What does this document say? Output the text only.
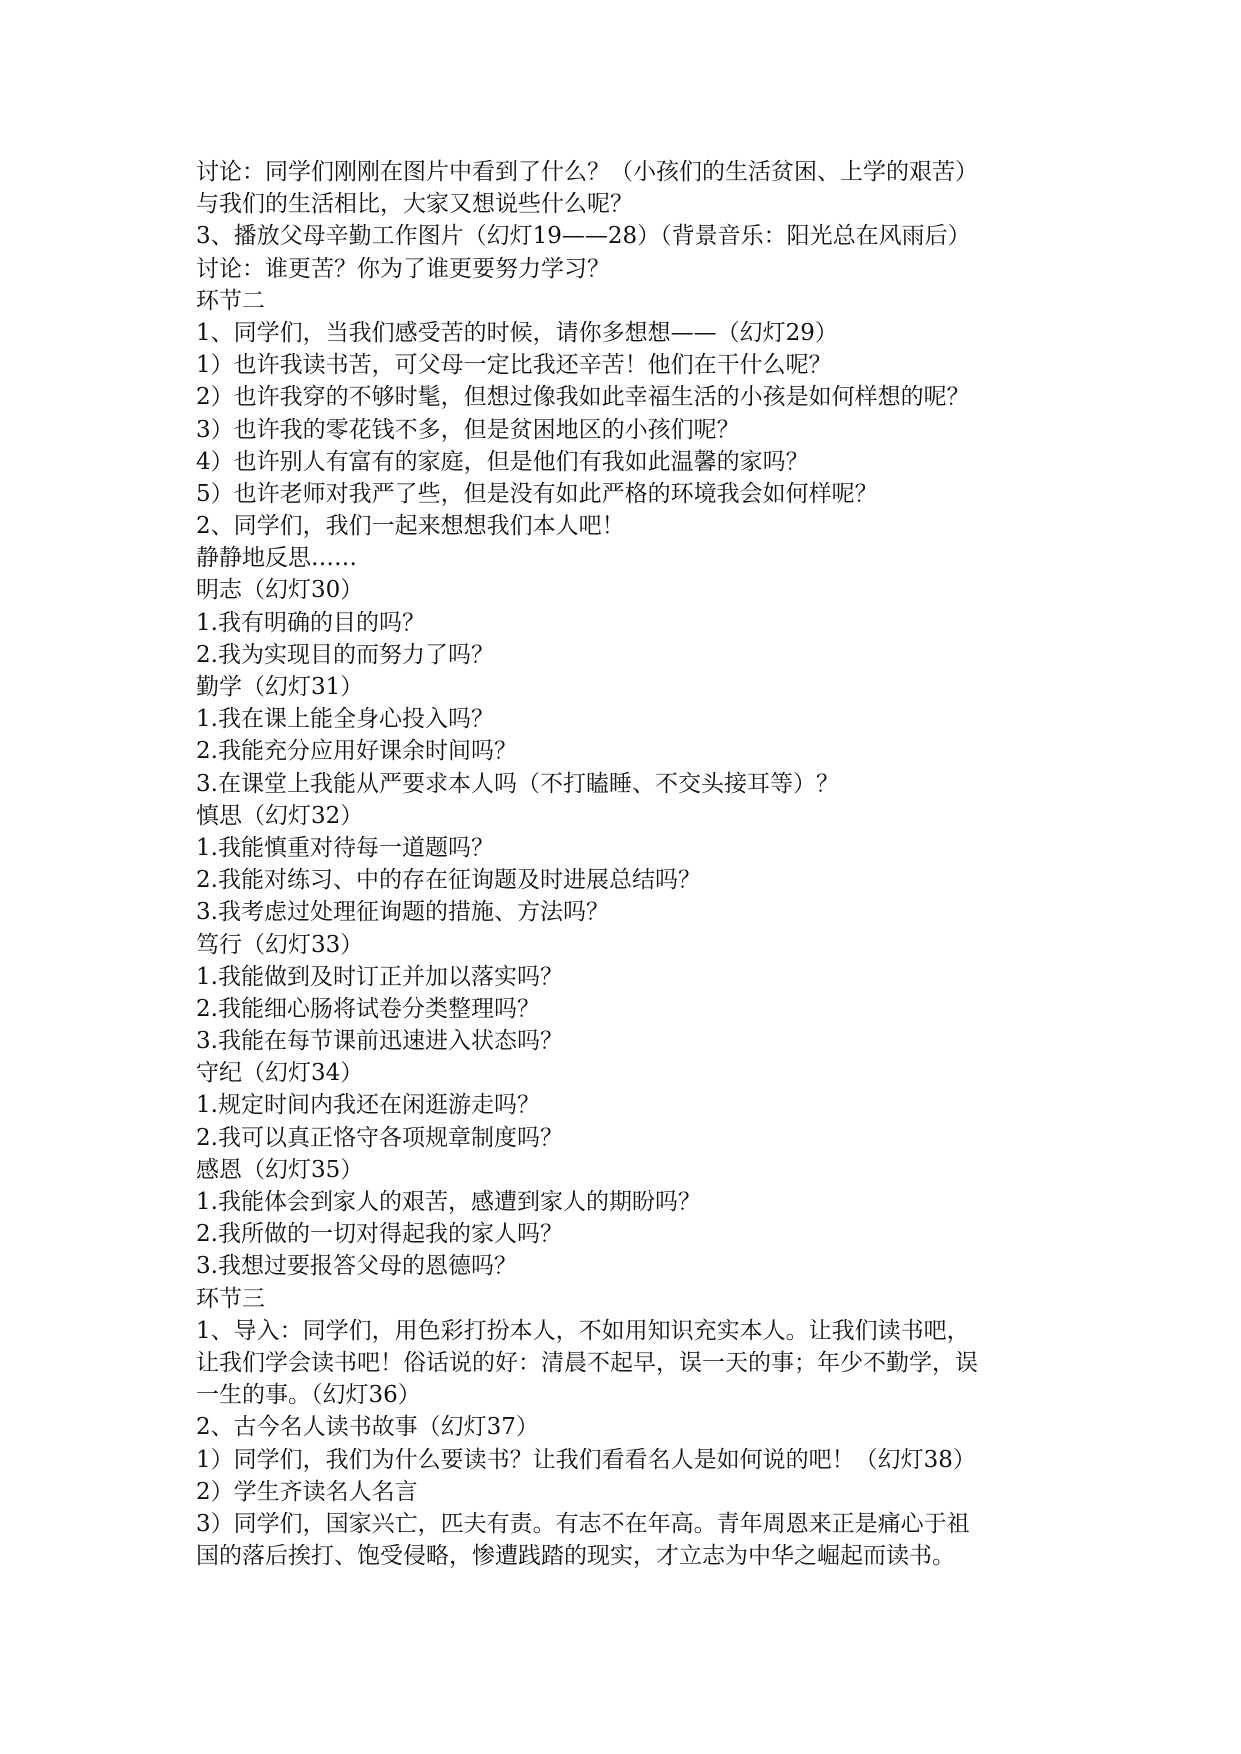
讨论：同学们刚刚在图片中看到了什么？（小孩们的生活贫困、上学的艰苦）
与我们的生活相比，大家又想说些什么呢？
3、播放父母辛勤工作图片（幻灯19——28）（背景音乐：阳光总在风雨后）
讨论：谁更苦？你为了谁更要努力学习？
环节二
1、同学们，当我们感受苦的时候，请你多想想——（幻灯29）
1）也许我读书苦，可父母一定比我还辛苦！他们在干什么呢？
2）也许我穿的不够时髦，但想过像我如此幸福生活的小孩是如何样想的呢？
3）也许我的零花钱不多，但是贫困地区的小孩们呢？
4）也许别人有富有的家庭，但是他们有我如此温馨的家吗？
5）也许老师对我严了些，但是没有如此严格的环境我会如何样呢？
2、同学们，我们一起来想想我们本人吧！
静静地反思……
明志（幻灯30）
1.我有明确的目的吗？
2.我为实现目的而努力了吗？
勤学（幻灯31）
1.我在课上能全身心投入吗？
2.我能充分应用好课余时间吗？
3.在课堂上我能从严要求本人吗（不打瞌睡、不交头接耳等）？
慎思（幻灯32）
1.我能慎重对待每一道题吗？
2.我能对练习、中的存在征询题及时进展总结吗？
3.我考虑过处理征询题的措施、方法吗？
笃行（幻灯33）
1.我能做到及时订正并加以落实吗？
2.我能细心肠将试卷分类整理吗？
3.我能在每节课前迅速进入状态吗？
守纪（幻灯34）
1.规定时间内我还在闲逛游走吗？
2.我可以真正恪守各项规章制度吗？
感恩（幻灯35）
1.我能体会到家人的艰苦，感遭到家人的期盼吗？
2.我所做的一切对得起我的家人吗？
3.我想过要报答父母的恩德吗？
环节三
1、导入：同学们，用色彩打扮本人，不如用知识充实本人。让我们读书吧，
让我们学会读书吧！俗话说的好：清晨不起早，误一天的事；年少不勤学，误
一生的事。（幻灯36）
2、古今名人读书故事（幻灯37）
1）同学们，我们为什么要读书？让我们看看名人是如何说的吧！（幻灯38）
2）学生齐读名人名言
3）同学们，国家兴亡，匹夫有责。有志不在年高。青年周恩来正是痛心于祖
国的落后挨打、饱受侵略，惨遭践踏的现实，才立志为中华之崛起而读书。
